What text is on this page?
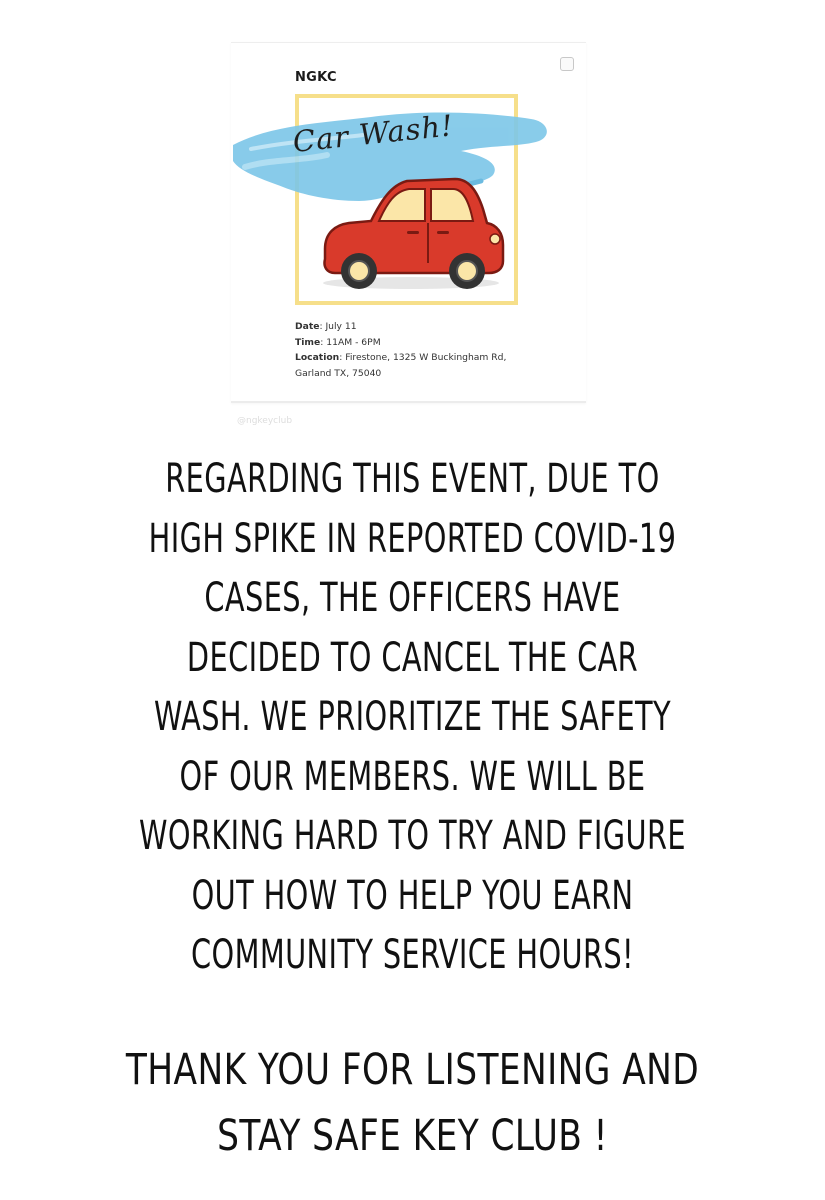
NGKC
Car Wash!
Date: July 11
Time: 11AM - 6PM
Location: Firestone, 1325 W Buckingham Rd,
Garland TX, 75040
@ngkeyclub
REGARDING THIS EVENT, DUE TO
HIGH SPIKE IN REPORTED COVID-19
CASES, THE OFFICERS HAVE
DECIDED TO CANCEL THE CAR
WASH. WE PRIORITIZE THE SAFETY
OF OUR MEMBERS. WE WILL BE
WORKING HARD TO TRY AND FIGURE
OUT HOW TO HELP YOU EARN
COMMUNITY SERVICE HOURS!
THANK YOU FOR LISTENING AND
STAY SAFE KEY CLUB !
